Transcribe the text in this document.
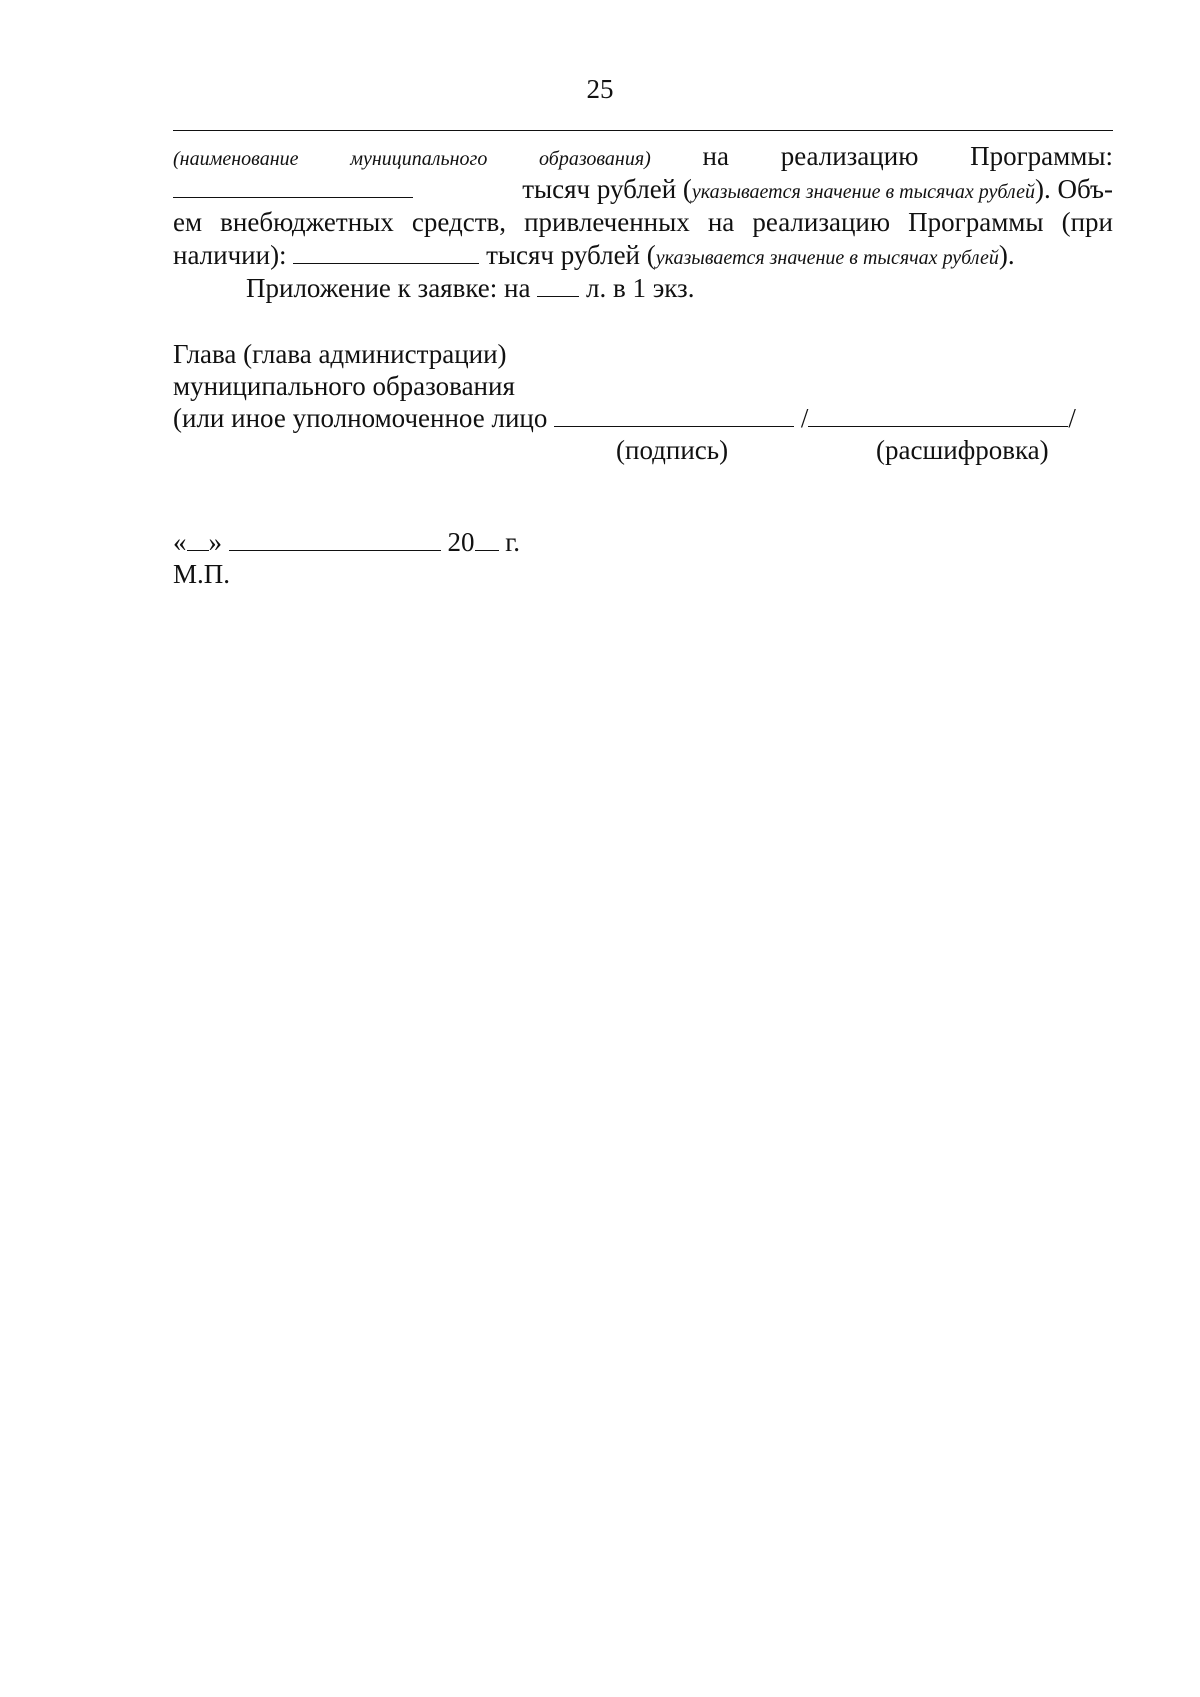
25
(наименование	муниципального	образования) на реализацию Программы:
тысяч рублей (указывается значение в тысячах рублей). Объ-
ем внебюджетных средств, привлеченных на реализацию Программы (при
наличии):	тысяч рублей (указывается значение в тысячах рублей).
Приложение к заявке: на л. в 1 экз.
Глава (глава администрации)
муниципального образования
(или иное уполномоченное лицо	/	/
(подпись)	(расшифровка)
« »	20 г.
М.П.
